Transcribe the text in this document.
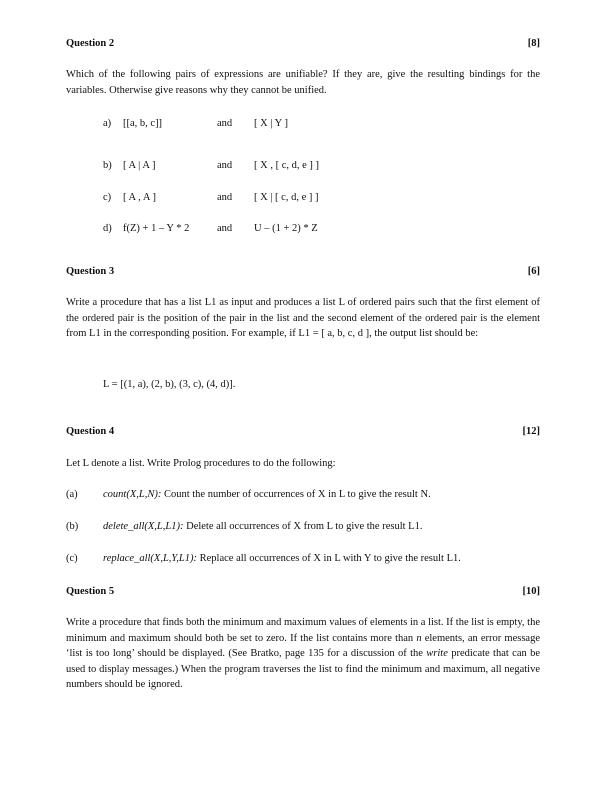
Question 2	[8]
Which of the following pairs of expressions are unifiable? If they are, give the resulting bindings for the variables. Otherwise give reasons why they cannot be unified.
a) [[a, b, c]]	and [ X | Y ]
b) [ A | A ]	and [ X , [ c, d, e ] ]
c) [ A , A ]	and [ X | [ c, d, e ] ]
d) f(Z) + 1 – Y * 2	and U – (1 + 2) * Z
Question 3	[6]
Write a procedure that has a list L1 as input and produces a list L of ordered pairs such that the first element of the ordered pair is the position of the pair in the list and the second element of the ordered pair is the element from L1 in the corresponding position. For example, if L1 = [ a, b, c, d ], the output list should be:
L = [(1, a), (2, b), (3, c), (4, d)].
Question 4	[12]
Let L denote a list. Write Prolog procedures to do the following:
(a) count(X,L,N): Count the number of occurrences of X in L to give the result N.
(b) delete_all(X,L,L1): Delete all occurrences of X from L to give the result L1.
(c) replace_all(X,L,Y,L1): Replace all occurrences of X in L with Y to give the result L1.
Question 5	[10]
Write a procedure that finds both the minimum and maximum values of elements in a list. If the list is empty, the minimum and maximum should both be set to zero. If the list contains more than n elements, an error message ‘list is too long’ should be displayed. (See Bratko, page 135 for a discussion of the write predicate that can be used to display messages.) When the program traverses the list to find the minimum and maximum, all negative numbers should be ignored.
